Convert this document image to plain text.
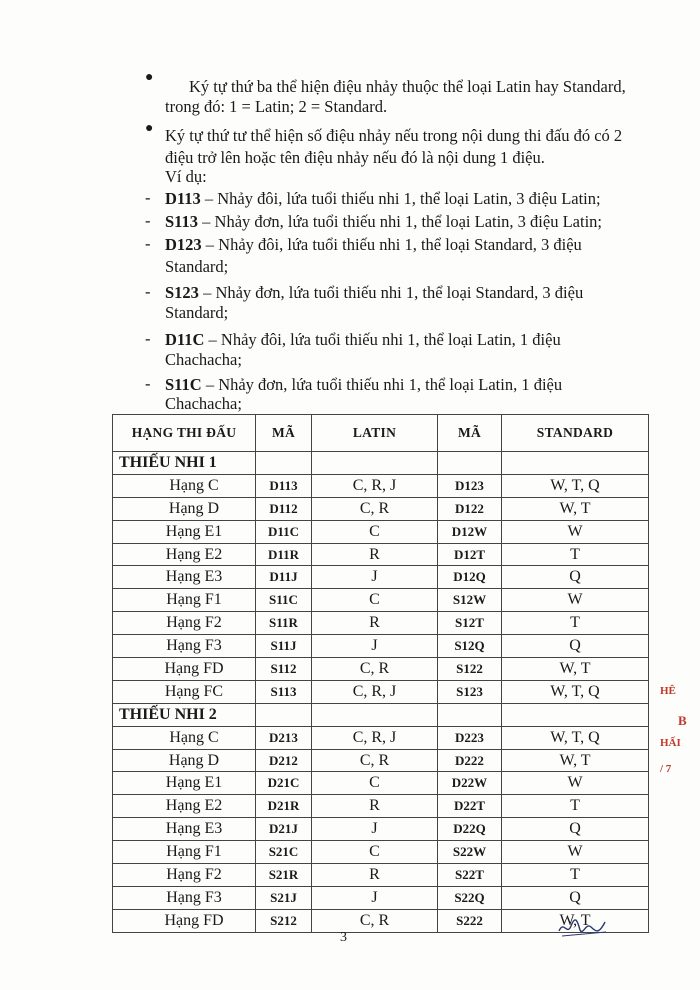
● Ký tự thứ ba thể hiện điệu nhảy thuộc thể loại Latin hay Standard,
trong đó: 1 = Latin; 2 = Standard.
● Ký tự thứ tư thể hiện số điệu nhảy nếu trong nội dung thi đấu đó có 2
điệu trở lên hoặc tên điệu nhảy nếu đó là nội dung 1 điệu.
Ví dụ:
- D113 – Nhảy đôi, lứa tuổi thiếu nhi 1, thể loại Latin, 3 điệu Latin;
- S113 – Nhảy đơn, lứa tuổi thiếu nhi 1, thể loại Latin, 3 điệu Latin;
- D123 – Nhảy đôi, lứa tuổi thiếu nhi 1, thể loại Standard, 3 điệu
Standard;
- S123 – Nhảy đơn, lứa tuổi thiếu nhi 1, thể loại Standard, 3 điệu
Standard;
- D11C – Nhảy đôi, lứa tuổi thiếu nhi 1, thể loại Latin, 1 điệu
Chachacha;
- S11C – Nhảy đơn, lứa tuổi thiếu nhi 1, thể loại Latin, 1 điệu
Chachacha;
HẠNG THI ĐẤU	MÃ	LATIN	MÃ	STANDARD
THIẾU NHI 1				
Hạng C	D113	C, R, J	D123	W, T, Q
Hạng D	D112	C, R	D122	W, T
Hạng E1	D11C	C	D12W	W
Hạng E2	D11R	R	D12T	T
Hạng E3	D11J	J	D12Q	Q
Hạng F1	S11C	C	S12W	W
Hạng F2	S11R	R	S12T	T
Hạng F3	S11J	J	S12Q	Q
Hạng FD	S112	C, R	S122	W, T
Hạng FC	S113	C, R, J	S123	W, T, Q
THIẾU NHI 2				
Hạng C	D213	C, R, J	D223	W, T, Q
Hạng D	D212	C, R	D222	W, T
Hạng E1	D21C	C	D22W	W
Hạng E2	D21R	R	D22T	T
Hạng E3	D21J	J	D22Q	Q
Hạng F1	S21C	C	S22W	W
Hạng F2	S21R	R	S22T	T
Hạng F3	S21J	J	S22Q	Q
Hạng FD	S212	C, R	S222	W, T
3
HÊ
B
HẤI
/ 7
